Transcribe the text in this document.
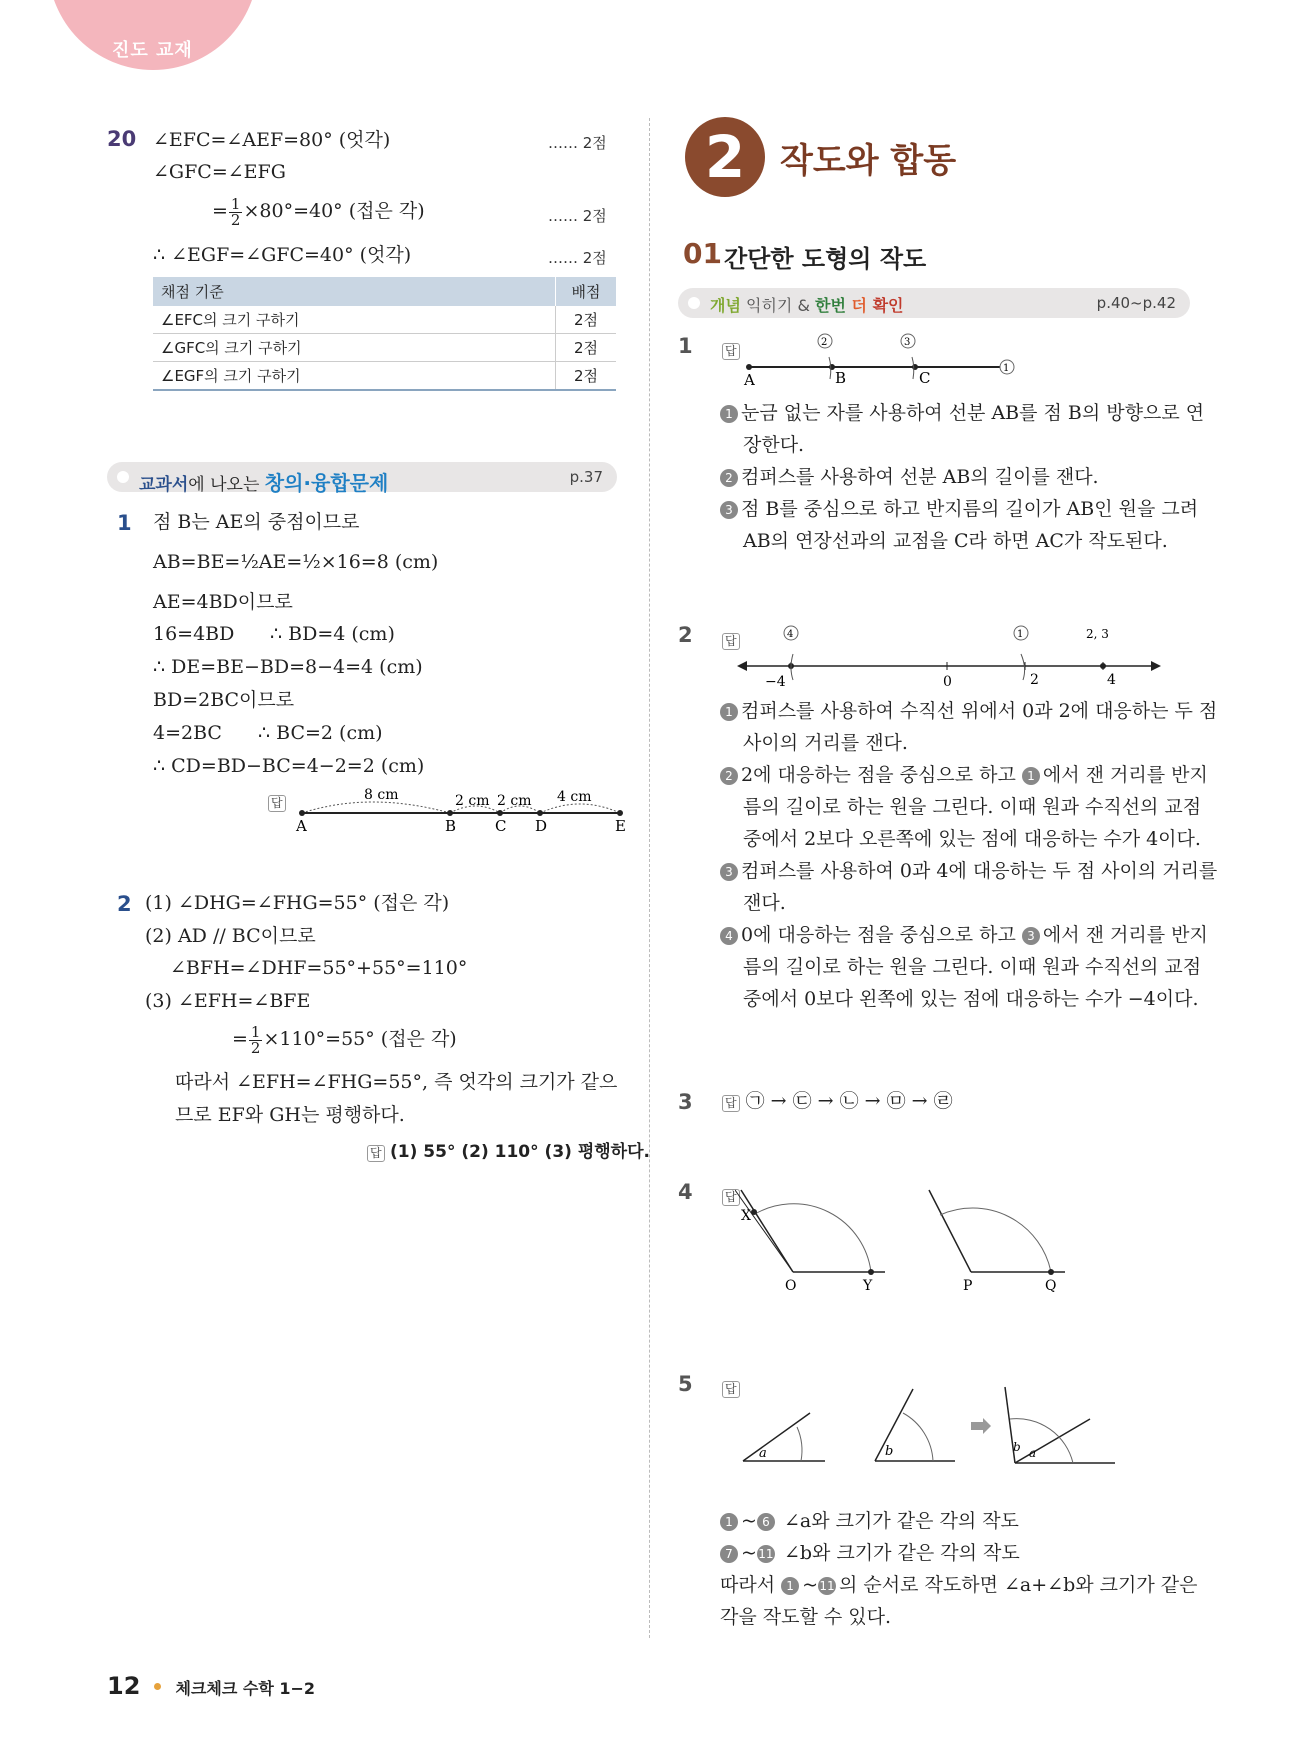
진도 교재
20 ∠EFC=∠AEF=80° (엇각)	…… 2점
∠GFC=∠EFG
= $\frac{1}{2} \times 80^\circ=40^\circ$ (접은 각)	…… 2점
∴ ∠EGF=∠GFC=40° (엇각)	…… 2점
채점 기준	배점
∠EFC의 크기 구하기	2점
∠GFC의 크기 구하기	2점
∠EGF의 크기 구하기	2점
교과서에 나오는 창의·융합문제	p.37
1 점 B는 AE의 중점이므로
AB=BE=½AE=½×16=8 (cm)
AE=4BD이므로
16=4BD ∴ BD=4 (cm)
∴ DE=BE−BD=8−4=4 (cm)
BD=2BC이므로
4=2BC ∴ BC=2 (cm)
∴ CD=BD−BC=4−2=2 (cm)
답	8 cm	2 cm 2 cm 4 cm
A	B	C D	E
2 (1) ∠DHG=∠FHG=55° (접은 각)
(2) AD // BC이므로
∠BFH=∠DHF=55°+55°=110°
(3) ∠EFH=∠BFE
= $\frac{1}{2} \times 110^\circ=55^\circ$ (접은 각)
따라서 ∠EFH=∠FHG=55°, 즉 엇각의 크기가 같으
므로 EF와 GH는 평행하다.
답 (1) 55° (2) 110° (3) 평행하다.
2	작도와 합동
01 간단한 도형의 작도
개념 익히기 & 한번 더 확인	p.40~p.42
1	답
A	B	C
2	3
1
1 눈금 없는 자를 사용하여 선분 AB를 점 B의 방향으로 연
장한다.
2 컴퍼스를 사용하여 선분 AB의 길이를 잰다.
3 점 B를 중심으로 하고 반지름의 길이가 AB인 원을 그려
AB의 연장선과의 교점을 C라 하면 AC가 작도된다.
2	답
−4	0	2	4
4	1	2, 3
1 컴퍼스를 사용하여 수직선 위에서 0과 2에 대응하는 두 점
사이의 거리를 잰다.
2 2에 대응하는 점을 중심으로 하고 1 에서 잰 거리를 반지
름의 길이로 하는 원을 그린다. 이때 원과 수직선의 교점
중에서 2보다 오른쪽에 있는 점에 대응하는 수가 4이다.
3 컴퍼스를 사용하여 0과 4에 대응하는 두 점 사이의 거리를
잰다.
4 0에 대응하는 점을 중심으로 하고 3 에서 잰 거리를 반지
름의 길이로 하는 원을 그린다. 이때 원과 수직선의 교점
중에서 0보다 왼쪽에 있는 점에 대응하는 수가 −4이다.
3	답 ㉠ → ㉢ → ㉡ → ㉤ → ㉣
4	답
X
O	Y	P	Q
5	답
a	b	a
b
1 ~ 6 ∠a와 크기가 같은 각의 작도
7 ~11 ∠b와 크기가 같은 각의 작도
따라서 1 ~11 의 순서로 작도하면 ∠a+∠b와 크기가 같은
각을 작도할 수 있다.
12 체크체크 수학 1−2
